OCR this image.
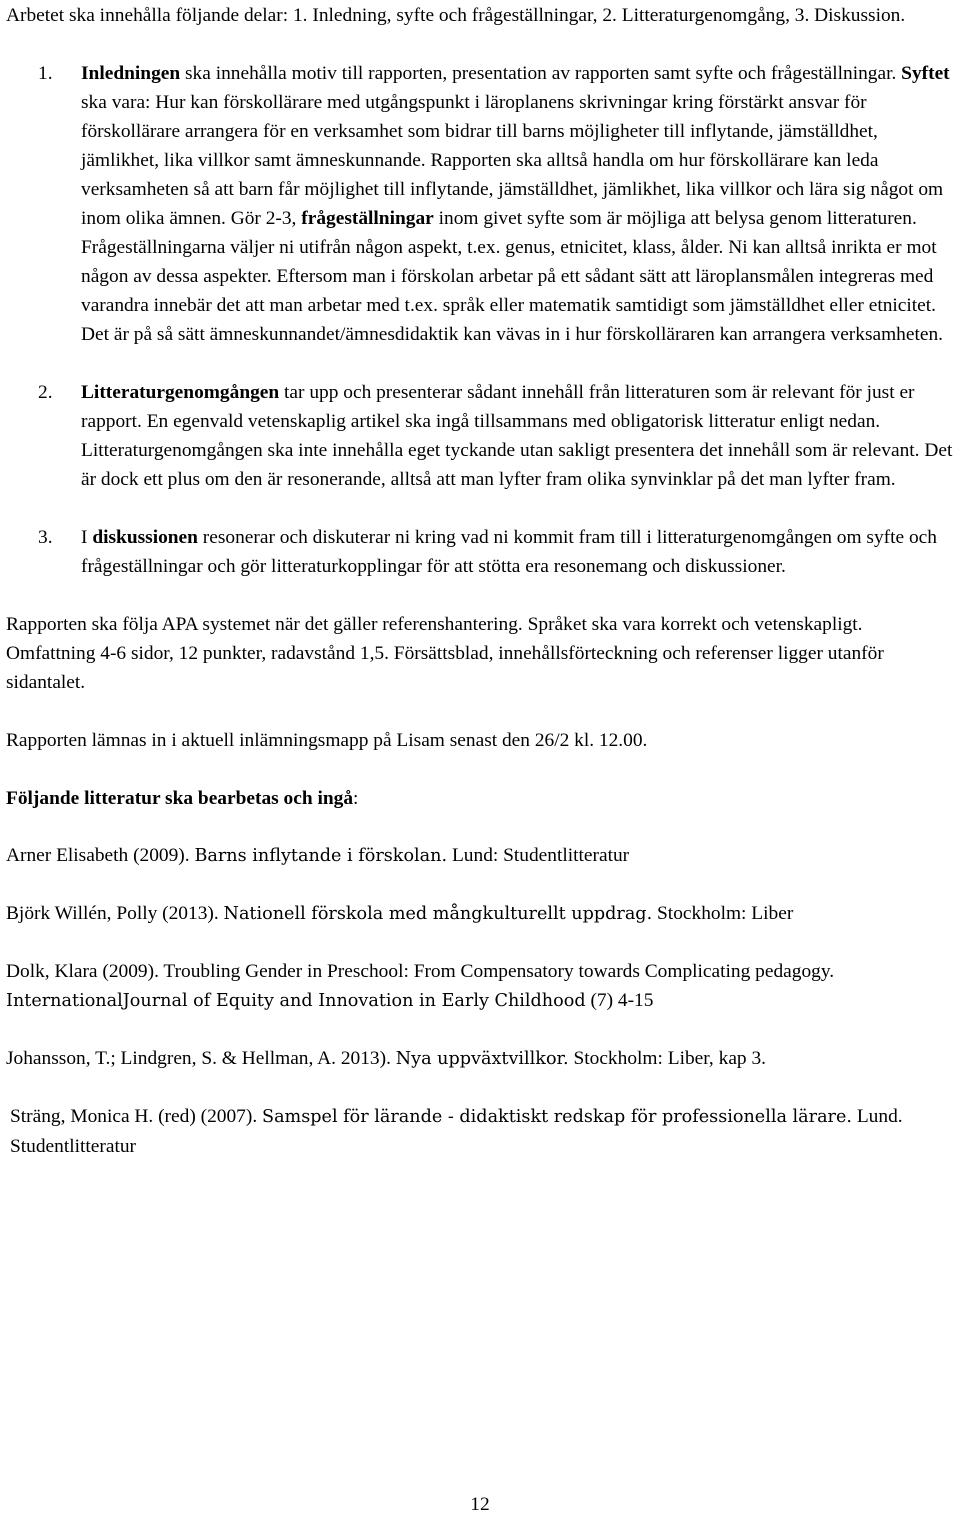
Arbetet ska innehålla följande delar: 1. Inledning, syfte och frågeställningar, 2. Litteraturgenomgång, 3. Diskussion.

1. Inledningen ska innehålla motiv till rapporten, presentation av rapporten samt syfte och frågeställningar. Syftet ska vara: Hur kan förskollärare med utgångspunkt i läroplanens skrivningar kring förstärkt ansvar för förskollärare arrangera för en verksamhet som bidrar till barns möjligheter till inflytande, jämställdhet, jämlikhet, lika villkor samt ämneskunnande. Rapporten ska alltså handla om hur förskollärare kan leda verksamheten så att barn får möjlighet till inflytande, jämställdhet, jämlikhet, lika villkor och lära sig något om inom olika ämnen. Gör 2-3, frågeställningar inom givet syfte som är möjliga att belysa genom litteraturen. Frågeställningarna väljer ni utifrån någon aspekt, t.ex. genus, etnicitet, klass, ålder. Ni kan alltså inrikta er mot någon av dessa aspekter. Eftersom man i förskolan arbetar på ett sådant sätt att läroplansmålen integreras med varandra innebär det att man arbetar med t.ex. språk eller matematik samtidigt som jämställdhet eller etnicitet. Det är på så sätt ämneskunnandet/ämnesdidaktik kan vävas in i hur förskolläraren kan arrangera verksamheten.
2. Litteraturgenomgången tar upp och presenterar sådant innehåll från litteraturen som är relevant för just er rapport. En egenvald vetenskaplig artikel ska ingå tillsammans med obligatorisk litteratur enligt nedan. Litteraturgenomgången ska inte innehålla eget tyckande utan sakligt presentera det innehåll som är relevant. Det är dock ett plus om den är resonerande, alltså att man lyfter fram olika synvinklar på det man lyfter fram.
3. I diskussionen resonerar och diskuterar ni kring vad ni kommit fram till i litteraturgenomgången om syfte och frågeställningar och gör litteraturkopplingar för att stötta era resonemang och diskussioner.

Rapporten ska följa APA systemet när det gäller referenshantering. Språket ska vara korrekt och vetenskapligt. Omfattning 4-6 sidor, 12 punkter, radavstånd 1,5. Försättsblad, innehållsförteckning och referenser ligger utanför sidantalet.

Rapporten lämnas in i aktuell inlämningsmapp på Lisam senast den 26/2 kl. 12.00.

Följande litteratur ska bearbetas och ingå:

Arner Elisabeth (2009). Barns inflytande i förskolan. Lund: Studentlitteratur

Björk Willén, Polly (2013). Nationell förskola med mångkulturellt uppdrag. Stockholm: Liber

Dolk, Klara (2009). Troubling Gender in Preschool: From Compensatory towards Complicating pedagogy. InternationalJournal of Equity and Innovation in Early Childhood (7) 4-15

Johansson, T.; Lindgren, S. & Hellman, A. 2013). Nya uppväxtvillkor. Stockholm: Liber, kap 3.

Sträng, Monica H. (red) (2007). Samspel för lärande - didaktiskt redskap för professionella lärare. Lund. Studentlitteratur

12
